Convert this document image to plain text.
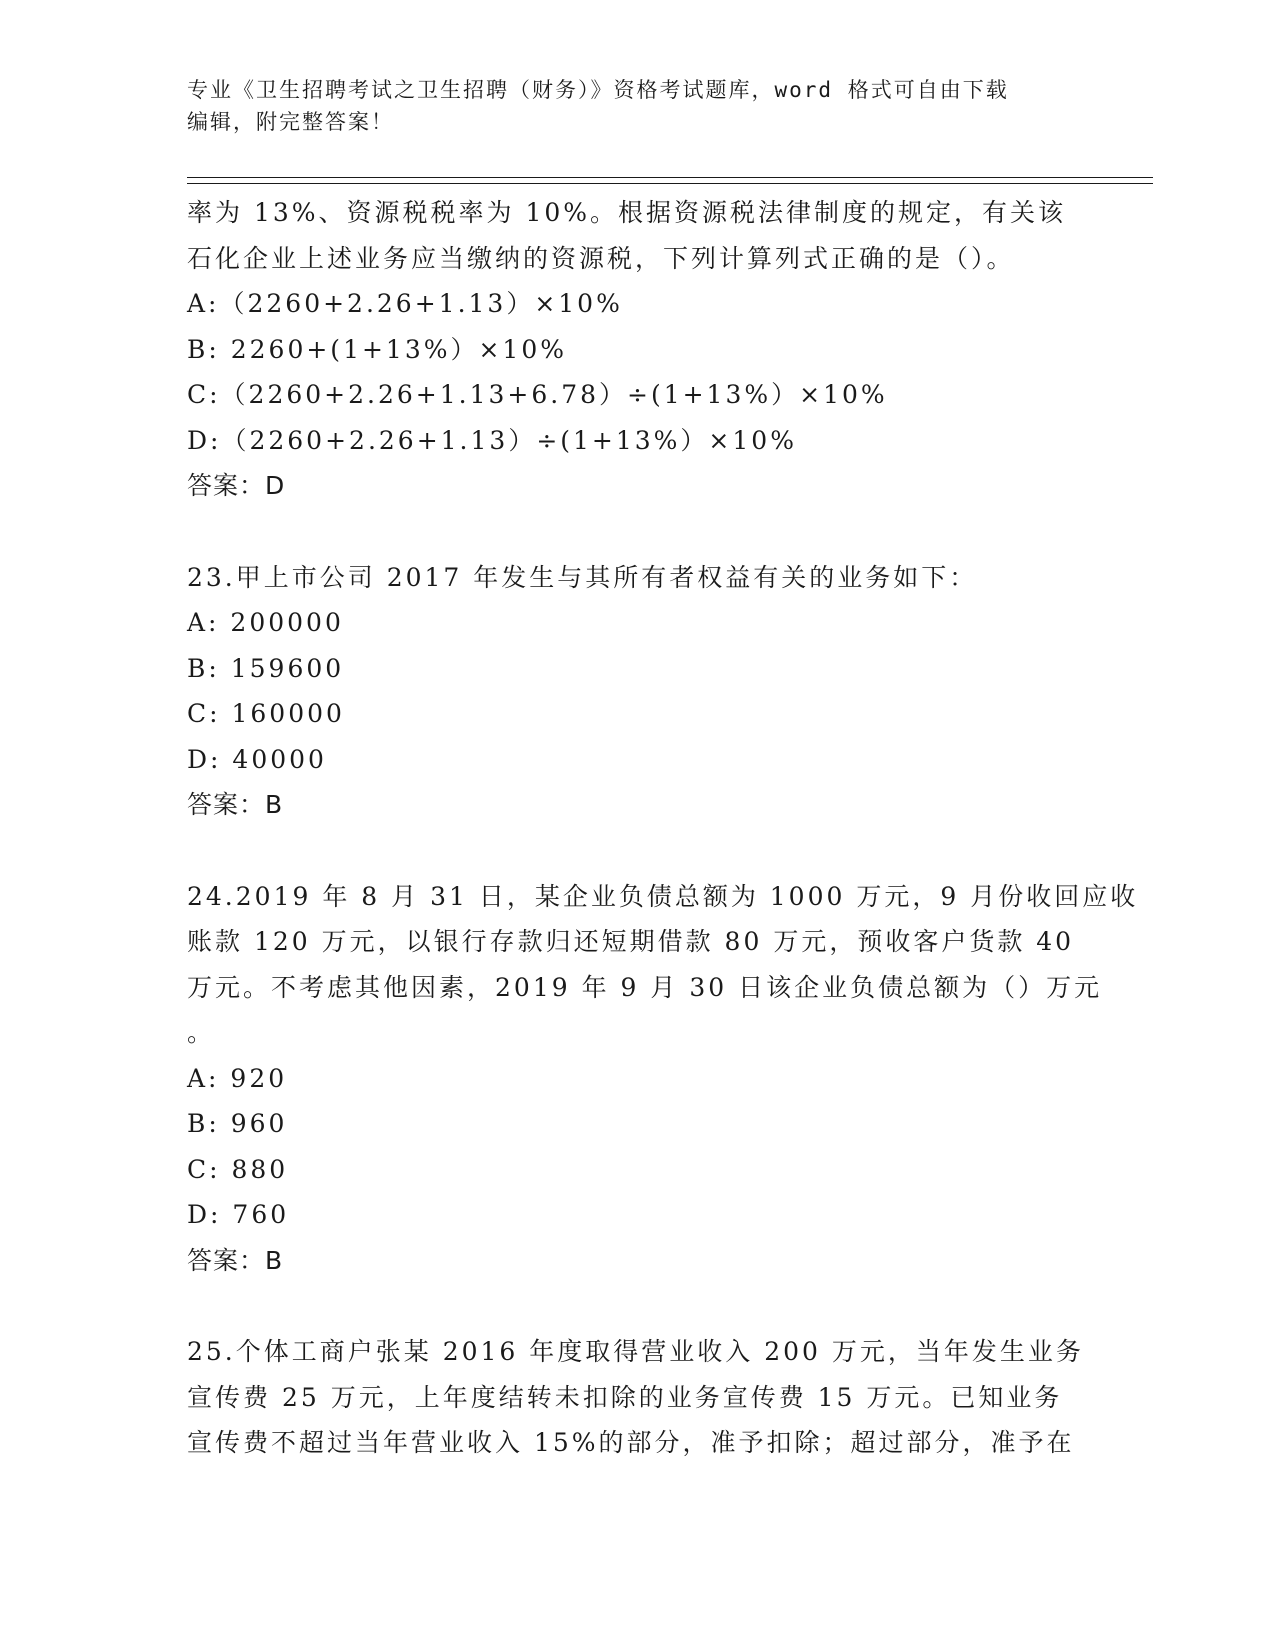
专业《卫生招聘考试之卫生招聘（财务）》资格考试题库，word 格式可自由下载
编辑，附完整答案！
率为 13%、资源税税率为 10%。根据资源税法律制度的规定，有关该
石化企业上述业务应当缴纳的资源税，下列计算列式正确的是（）。
A:（2260+2.26+1.13）×10%
B: 2260+(1+13%）×10%
C:（2260+2.26+1.13+6.78）÷(1+13%）×10%
D:（2260+2.26+1.13）÷(1+13%）×10%
答案：D
23.甲上市公司 2017 年发生与其所有者权益有关的业务如下：
A: 200000
B: 159600
C: 160000
D: 40000
答案：B
24.2019 年 8 月 31 日，某企业负债总额为 1000 万元，9 月份收回应收
账款 120 万元，以银行存款归还短期借款 80 万元，预收客户货款 40
万元。不考虑其他因素，2019 年 9 月 30 日该企业负债总额为（）万元
。
A: 920
B: 960
C: 880
D: 760
答案：B
25.个体工商户张某 2016 年度取得营业收入 200 万元，当年发生业务
宣传费 25 万元，上年度结转未扣除的业务宣传费 15 万元。已知业务
宣传费不超过当年营业收入 15%的部分，准予扣除；超过部分，准予在
